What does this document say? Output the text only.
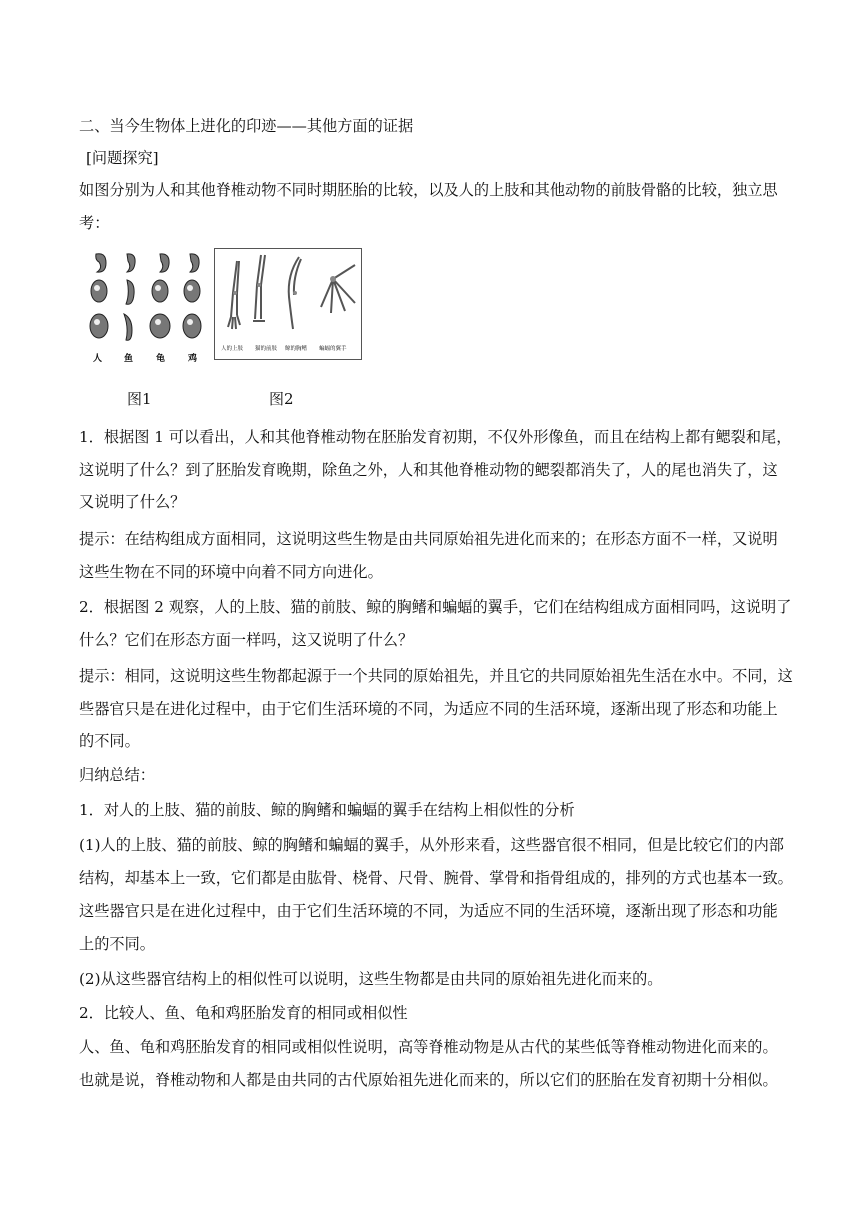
二、当今生物体上进化的印迹——其他方面的证据
[问题探究]
如图分别为人和其他脊椎动物不同时期胚胎的比较，以及人的上肢和其他动物的前肢骨骼的比较，独立思
考：
人 鱼	龟	鸡
人的上肢 猫的前肢 鲸的胸鳍 蝙蝠的翼手
图1	图2
1．根据图 1 可以看出，人和其他脊椎动物在胚胎发育初期，不仅外形像鱼，而且在结构上都有鳃裂和尾，
这说明了什么？到了胚胎发育晚期，除鱼之外，人和其他脊椎动物的鳃裂都消失了，人的尾也消失了，这
又说明了什么？
提示：在结构组成方面相同，这说明这些生物是由共同原始祖先进化而来的；在形态方面不一样，又说明
这些生物在不同的环境中向着不同方向进化。
2．根据图 2 观察，人的上肢、猫的前肢、鲸的胸鳍和蝙蝠的翼手，它们在结构组成方面相同吗，这说明了
什么？它们在形态方面一样吗，这又说明了什么？
提示：相同，这说明这些生物都起源于一个共同的原始祖先，并且它的共同原始祖先生活在水中。不同，这
些器官只是在进化过程中，由于它们生活环境的不同，为适应不同的生活环境，逐渐出现了形态和功能上
的不同。
归纳总结：
1．对人的上肢、猫的前肢、鲸的胸鳍和蝙蝠的翼手在结构上相似性的分析
(1)人的上肢、猫的前肢、鲸的胸鳍和蝙蝠的翼手，从外形来看，这些器官很不相同，但是比较它们的内部
结构，却基本上一致，它们都是由肱骨、桡骨、尺骨、腕骨、掌骨和指骨组成的，排列的方式也基本一致。
这些器官只是在进化过程中，由于它们生活环境的不同，为适应不同的生活环境，逐渐出现了形态和功能
上的不同。
(2)从这些器官结构上的相似性可以说明，这些生物都是由共同的原始祖先进化而来的。
2．比较人、鱼、龟和鸡胚胎发育的相同或相似性
人、鱼、龟和鸡胚胎发育的相同或相似性说明，高等脊椎动物是从古代的某些低等脊椎动物进化而来的。
也就是说，脊椎动物和人都是由共同的古代原始祖先进化而来的，所以它们的胚胎在发育初期十分相似。
